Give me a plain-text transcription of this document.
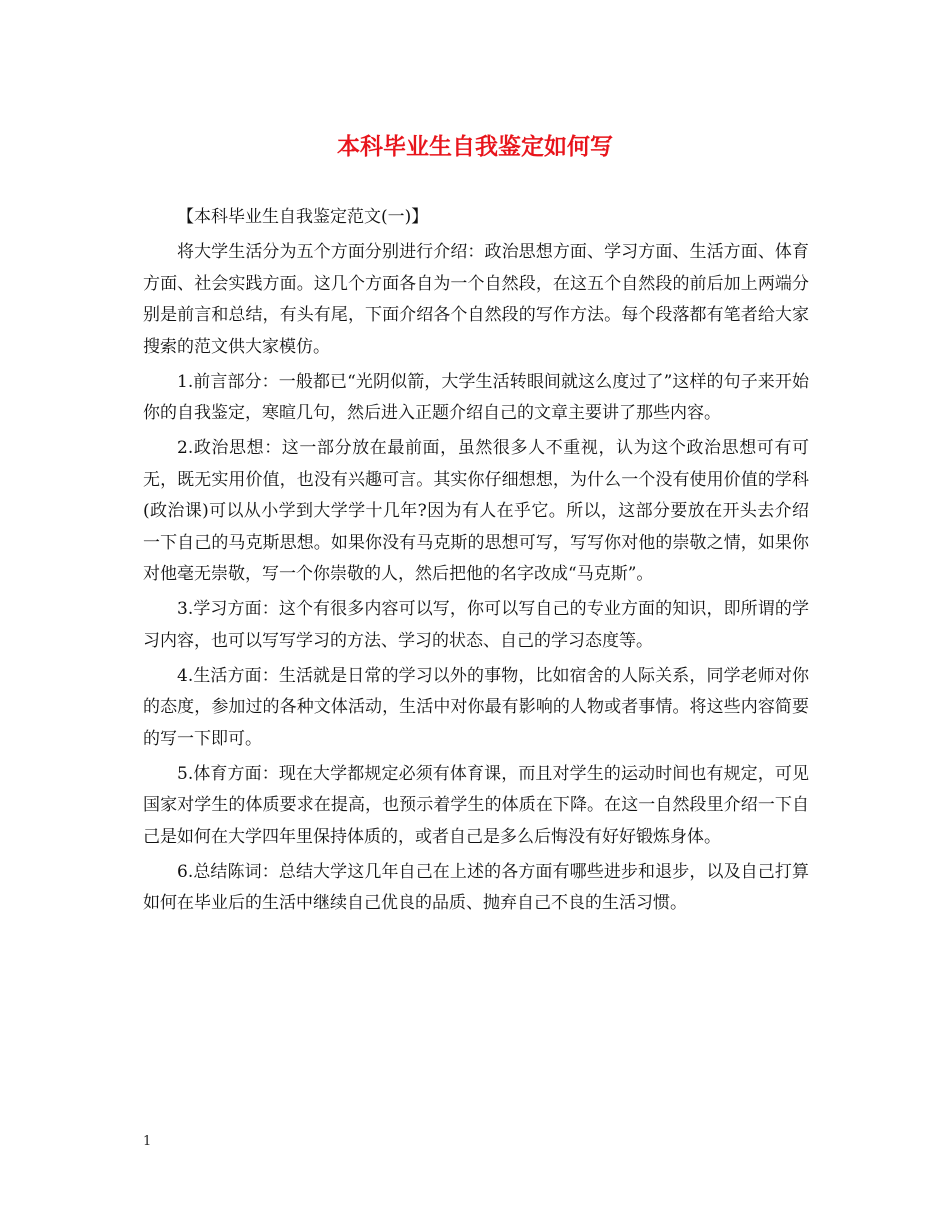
本科毕业生自我鉴定如何写

【本科毕业生自我鉴定范文(一)】

将大学生活分为五个方面分别进行介绍：政治思想方面、学习方面、生活方面、体育方面、社会实践方面。这几个方面各自为一个自然段，在这五个自然段的前后加上两端分别是前言和总结，有头有尾，下面介绍各个自然段的写作方法。每个段落都有笔者给大家搜索的范文供大家模仿。

1.前言部分：一般都已“光阴似箭，大学生活转眼间就这么度过了”这样的句子来开始你的自我鉴定，寒暄几句，然后进入正题介绍自己的文章主要讲了那些内容。

2.政治思想：这一部分放在最前面，虽然很多人不重视，认为这个政治思想可有可无，既无实用价值，也没有兴趣可言。其实你仔细想想，为什么一个没有使用价值的学科(政治课)可以从小学到大学学十几年?因为有人在乎它。所以，这部分要放在开头去介绍一下自己的马克斯思想。如果你没有马克斯的思想可写，写写你对他的崇敬之情，如果你对他毫无崇敬，写一个你崇敬的人，然后把他的名字改成“马克斯”。

3.学习方面：这个有很多内容可以写，你可以写自己的专业方面的知识，即所谓的学习内容，也可以写写学习的方法、学习的状态、自己的学习态度等。

4.生活方面：生活就是日常的学习以外的事物，比如宿舍的人际关系，同学老师对你的态度，参加过的各种文体活动，生活中对你最有影响的人物或者事情。将这些内容简要的写一下即可。

5.体育方面：现在大学都规定必须有体育课，而且对学生的运动时间也有规定，可见国家对学生的体质要求在提高，也预示着学生的体质在下降。在这一自然段里介绍一下自己是如何在大学四年里保持体质的，或者自己是多么后悔没有好好锻炼身体。

6.总结陈词：总结大学这几年自己在上述的各方面有哪些进步和退步，以及自己打算如何在毕业后的生活中继续自己优良的品质、抛弃自己不良的生活习惯。

1
